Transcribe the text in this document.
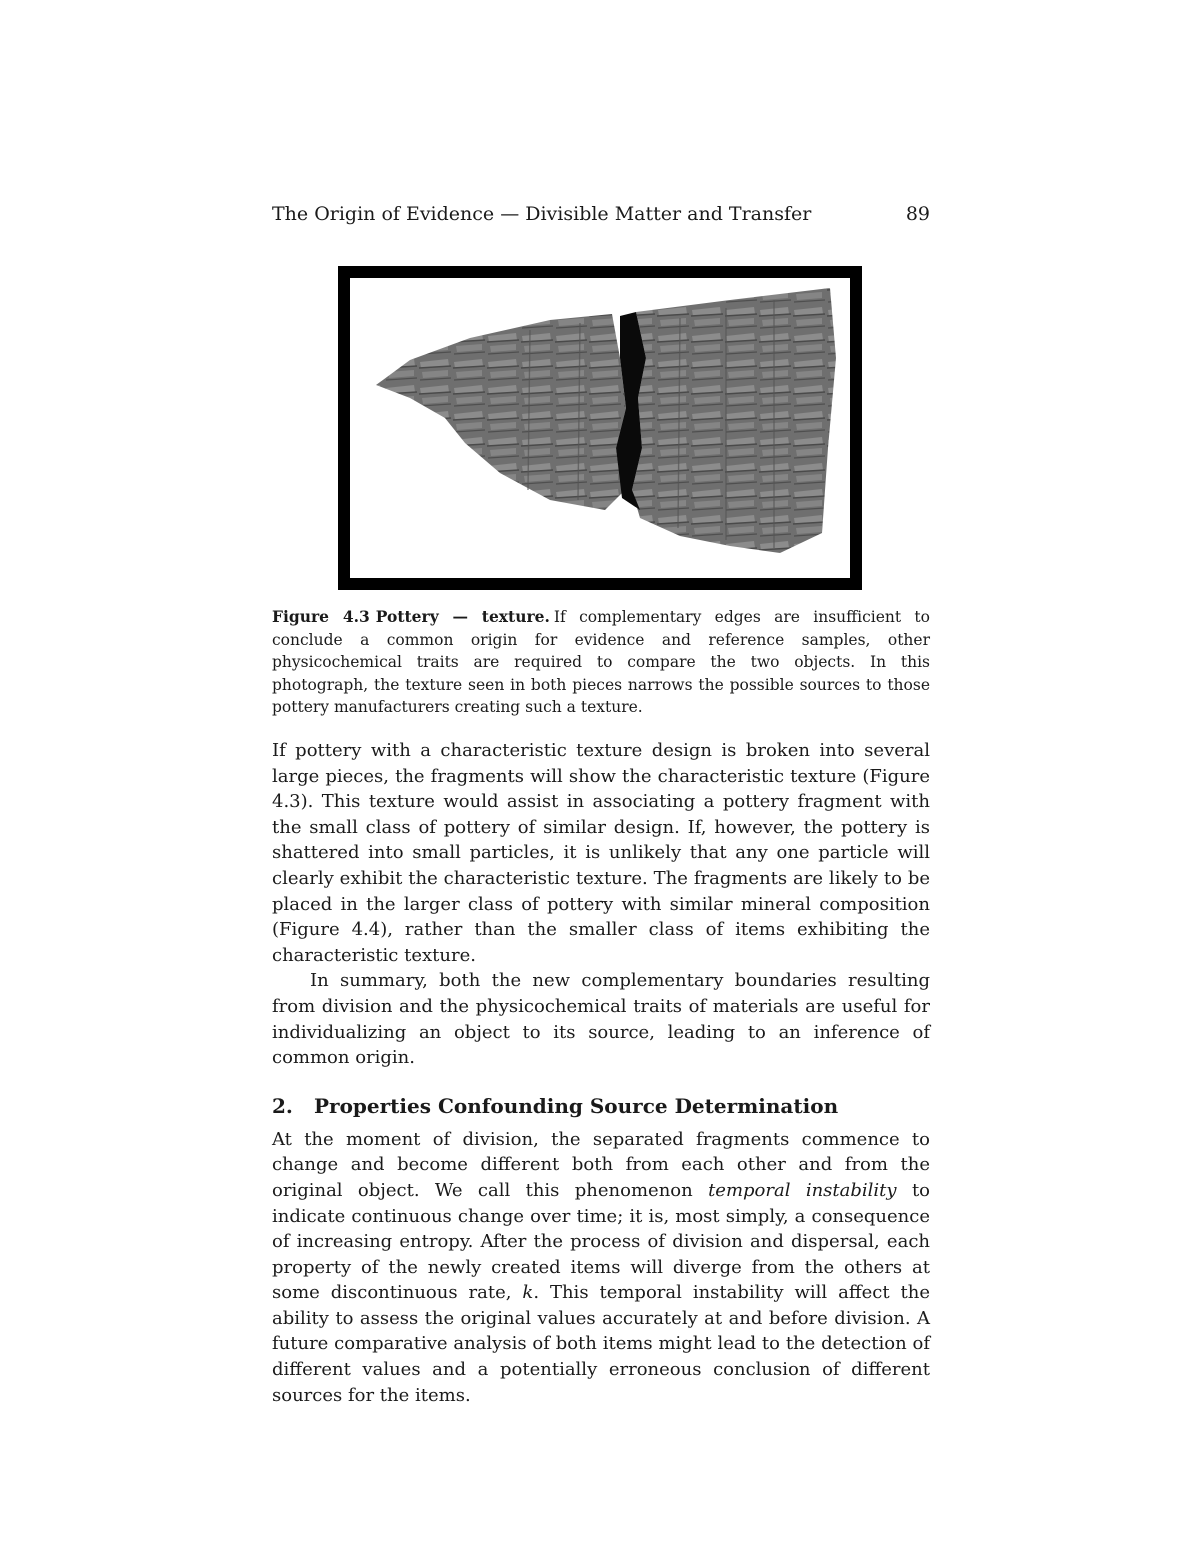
The Origin of Evidence — Divisible Matter and Transfer	89
Figure 4.3 Pottery — texture. If complementary edges are insufficient to conclude a common origin for evidence and reference samples, other physicochemical traits are required to compare the two objects. In this photograph, the texture seen in both pieces narrows the possible sources to those pottery manufacturers creating such a texture.

If pottery with a characteristic texture design is broken into several large pieces, the fragments will show the characteristic texture (Figure 4.3). This texture would assist in associating a pottery fragment with the small class of pottery of similar design. If, however, the pottery is shattered into small particles, it is unlikely that any one particle will clearly exhibit the characteristic texture. The fragments are likely to be placed in the larger class of pottery with similar mineral composition (Figure 4.4), rather than the smaller class of items exhibiting the characteristic texture.

In summary, both the new complementary boundaries resulting from division and the physicochemical traits of materials are useful for individualizing an object to its source, leading to an inference of common origin.

2. Properties Confounding Source Determination

At the moment of division, the separated fragments commence to change and become different both from each other and from the original object. We call this phenomenon temporal instability to indicate continuous change over time; it is, most simply, a consequence of increasing entropy. After the process of division and dispersal, each property of the newly created items will diverge from the others at some discontinuous rate, k. This temporal instability will affect the ability to assess the original values accurately at and before division. A future comparative analysis of both items might lead to the detection of different values and a potentially erroneous conclusion of different sources for the items.
